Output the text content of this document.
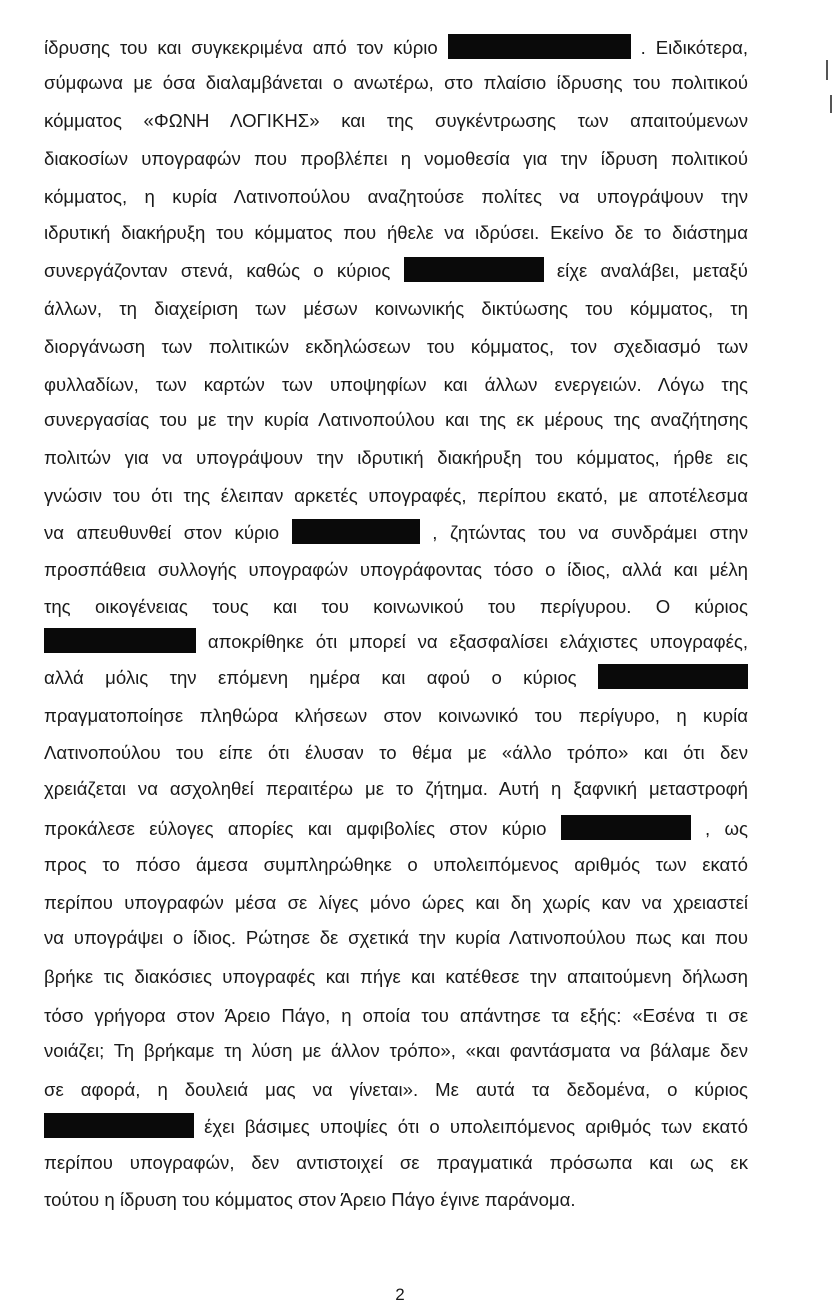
ίδρυσης του και συγκεκριμένα από τον κύριο	. Ειδικότερα,
σύμφωνα με όσα διαλαμβάνεται ο ανωτέρω, στο πλαίσιο ίδρυσης του πολιτικού
κόμματος «ΦΩΝΗ ΛΟΓΙΚΗΣ» και της συγκέντρωσης των απαιτούμενων
διακοσίων υπογραφών που προβλέπει η νομοθεσία για την ίδρυση πολιτικού
κόμματος, η κυρία Λατινοπούλου αναζητούσε πολίτες να υπογράψουν την
ιδρυτική διακήρυξη του κόμματος που ήθελε να ιδρύσει. Εκείνο δε το διάστημα
συνεργάζονταν στενά, καθώς ο κύριος	είχε αναλάβει, μεταξύ
άλλων, τη διαχείριση των μέσων κοινωνικής δικτύωσης του κόμματος, τη
διοργάνωση των πολιτικών εκδηλώσεων του κόμματος, τον σχεδιασμό των
φυλλαδίων, των καρτών των υποψηφίων και άλλων ενεργειών. Λόγω της
συνεργασίας του με την κυρία Λατινοπούλου και της εκ μέρους της αναζήτησης
πολιτών για να υπογράψουν την ιδρυτική διακήρυξη του κόμματος, ήρθε εις
γνώσιν του ότι της έλειπαν αρκετές υπογραφές, περίπου εκατό, με αποτέλεσμα
να απευθυνθεί στον κύριο	, ζητώντας του να συνδράμει στην
προσπάθεια συλλογής υπογραφών υπογράφοντας τόσο ο ίδιος, αλλά και μέλη
της οικογένειας τους και του κοινωνικού του περίγυρου. Ο κύριος
αποκρίθηκε ότι μπορεί να εξασφαλίσει ελάχιστες υπογραφές,
αλλά μόλις την επόμενη ημέρα και αφού ο κύριος
πραγματοποίησε πληθώρα κλήσεων στον κοινωνικό του περίγυρο, η κυρία
Λατινοπούλου του είπε ότι έλυσαν το θέμα με «άλλο τρόπο» και ότι δεν
χρειάζεται να ασχοληθεί περαιτέρω με το ζήτημα. Αυτή η ξαφνική μεταστροφή
προκάλεσε εύλογες απορίες και αμφιβολίες στον κύριο	, ως
προς το πόσο άμεσα συμπληρώθηκε ο υπολειπόμενος αριθμός των εκατό
περίπου υπογραφών μέσα σε λίγες μόνο ώρες και δη χωρίς καν να χρειαστεί
να υπογράψει ο ίδιος. Ρώτησε δε σχετικά την κυρία Λατινοπούλου πως και που
βρήκε τις διακόσιες υπογραφές και πήγε και κατέθεσε την απαιτούμενη δήλωση
τόσο γρήγορα στον Άρειο Πάγο, η οποία του απάντησε τα εξής: «Εσένα τι σε
νοιάζει; Τη βρήκαμε τη λύση με άλλον τρόπο», «και φαντάσματα να βάλαμε δεν
σε αφορά, η δουλειά μας να γίνεται». Με αυτά τα δεδομένα, ο κύριος
έχει βάσιμες υποψίες ότι ο υπολειπόμενος αριθμός των εκατό
περίπου υπογραφών, δεν αντιστοιχεί σε πραγματικά πρόσωπα και ως εκ
τούτου η ίδρυση του κόμματος στον Άρειο Πάγο έγινε παράνομα.
2
